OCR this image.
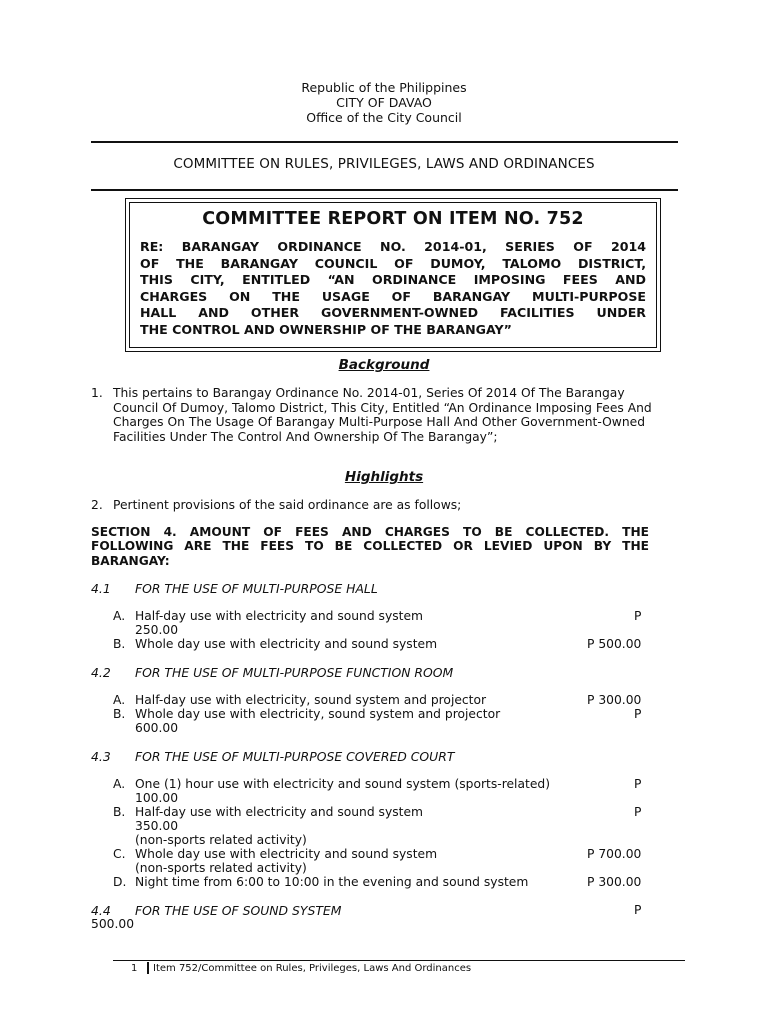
Republic of the Philippines
CITY OF DAVAO
Office of the City Council
COMMITTEE ON RULES, PRIVILEGES, LAWS AND ORDINANCES
COMMITTEE REPORT ON ITEM NO. 752
RE: BARANGAY ORDINANCE NO. 2014-01, SERIES OF 2014
OF THE BARANGAY COUNCIL OF DUMOY, TALOMO DISTRICT,
THIS CITY, ENTITLED “AN ORDINANCE IMPOSING FEES AND
CHARGES ON THE USAGE OF BARANGAY MULTI-PURPOSE
HALL AND OTHER GOVERNMENT-OWNED FACILITIES UNDER
THE CONTROL AND OWNERSHIP OF THE BARANGAY”
Background
1. This pertains to Barangay Ordinance No. 2014-01, Series Of 2014 Of The Barangay Council Of Dumoy, Talomo District, This City, Entitled “An Ordinance Imposing Fees And Charges On The Usage Of Barangay Multi-Purpose Hall And Other Government-Owned Facilities Under The Control And Ownership Of The Barangay”;
Highlights
2. Pertinent provisions of the said ordinance are as follows;
SECTION 4. AMOUNT OF FEES AND CHARGES TO BE COLLECTED. THE
FOLLOWING ARE THE FEES TO BE COLLECTED OR LEVIED UPON BY THE
BARANGAY:
4.1 FOR THE USE OF MULTI-PURPOSE HALL
A. Half-day use with electricity and sound system	P
250.00
B. Whole day use with electricity and sound system	P 500.00
4.2 FOR THE USE OF MULTI-PURPOSE FUNCTION ROOM
A. Half-day use with electricity, sound system and projector	P 300.00
B. Whole day use with electricity, sound system and projector	P
600.00
4.3 FOR THE USE OF MULTI-PURPOSE COVERED COURT
A. One (1) hour use with electricity and sound system (sports-related)	P
100.00
B. Half-day use with electricity and sound system	P
350.00
(non-sports related activity)
C. Whole day use with electricity and sound system	P 700.00
(non-sports related activity)
D. Night time from 6:00 to 10:00 in the evening and sound system	P 300.00
4.4 FOR THE USE OF SOUND SYSTEM	P
500.00
1 Item 752/Committee on Rules, Privileges, Laws And Ordinances
